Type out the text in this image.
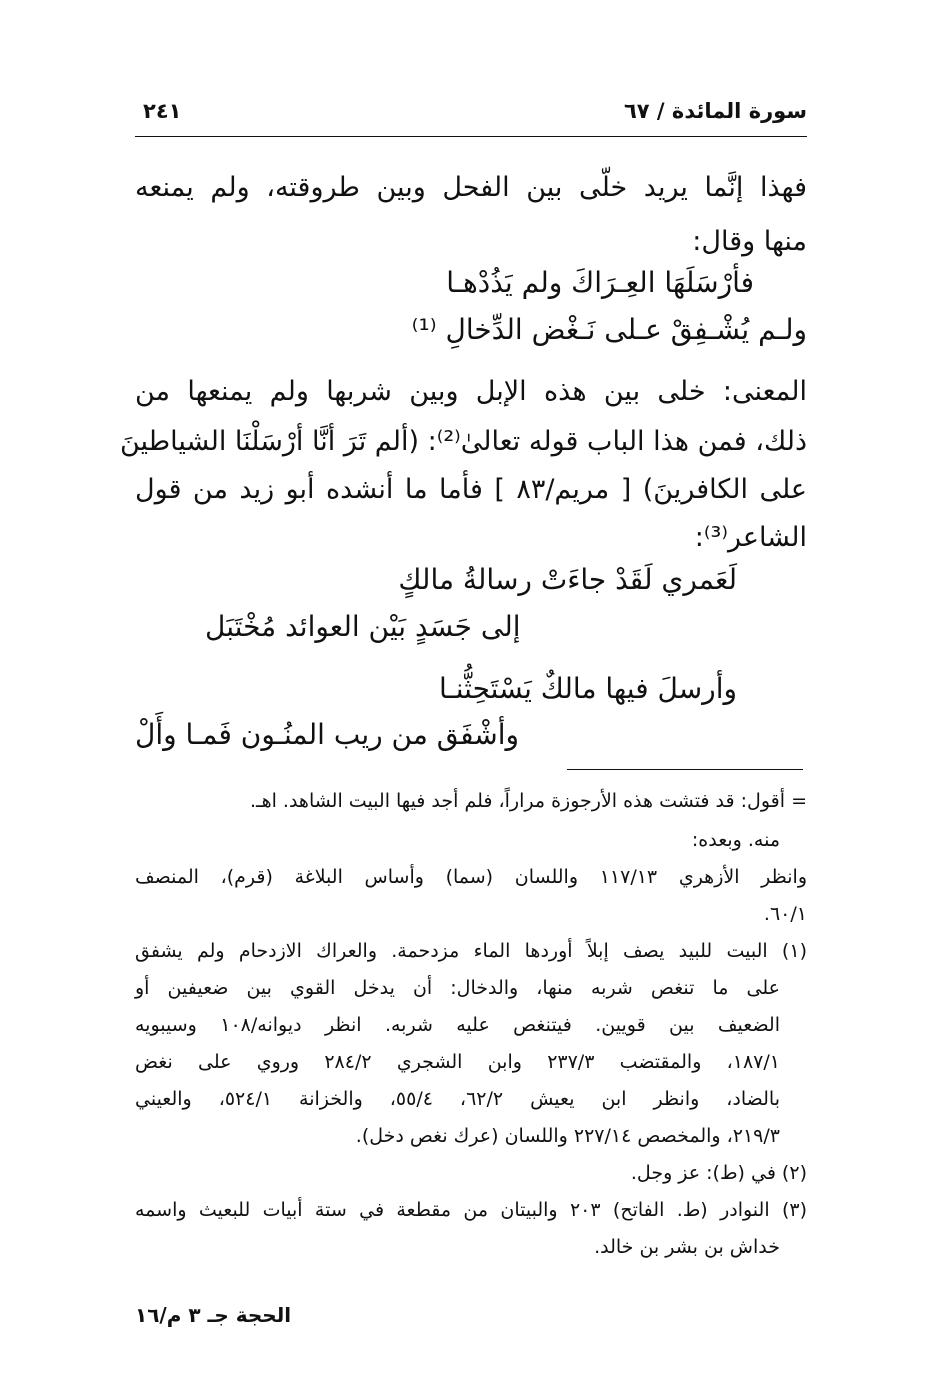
سورة المائدة / ٦٧
٢٤١
فهذا إنَّما يريد خلّى بين الفحل وبين طروقته، ولم يمنعه
منها وقال:
فأرْسَلَهَا العِـرَاكَ ولم يَذُدْهـا
ولـم يُشْـفِقْ عـلى نَـغْض الدِّخالِ ⁽¹⁾
المعنى: خلى بين هذه الإبل وبين شربها ولم يمنعها من
ذلك، فمن هذا الباب قوله تعالىٰ⁽²⁾: (ألم تَرَ أنَّا أرْسَلْنَا الشياطينَ
على الكافرينَ) [ مريم/٨٣ ] فأما ما أنشده أبو زيد من قول
الشاعر⁽³⁾:
لَعَمري لَقَدْ جاءَتْ رسالةُ مالكٍ
إلى جَسَدٍ بَيْن العوائد مُخْتَبَل
وأرسلَ فيها مالكٌ يَسْتَحِثُّنـا
وأشْفَق من ريب المنُـون فَمـا وأَلْ
= أقول: قد فتشت هذه الأرجوزة مراراً، فلم أجد فيها البيت الشاهد. اهـ.
منه. وبعده:
وانظر الأزهري ١١٧/١٣ واللسان (سما) وأساس البلاغة (قرم)، المنصف
٦٠/١.
(١) البيت للبيد يصف إبلاً أوردها الماء مزدحمة. والعراك الازدحام ولم يشفق
على ما تنغص شربه منها، والدخال: أن يدخل القوي بين ضعيفين أو
الضعيف بين قويين. فيتنغص عليه شربه. انظر ديوانه/١٠٨ وسيبويه
١٨٧/١، والمقتضب ٢٣٧/٣ وابن الشجري ٢٨٤/٢ وروي على نغض
بالضاد، وانظر ابن يعيش ٦٢/٢، ٥٥/٤، والخزانة ٥٢٤/١، والعيني
٢١٩/٣، والمخصص ٢٢٧/١٤ واللسان (عرك نغص دخل).
(٢) في (ط): عز وجل.
(٣) النوادر (ط. الفاتح) ٢٠٣ والبيتان من مقطعة في ستة أبيات للبعيث واسمه
خداش بن بشر بن خالد.
الحجة جـ ٣ م/١٦
